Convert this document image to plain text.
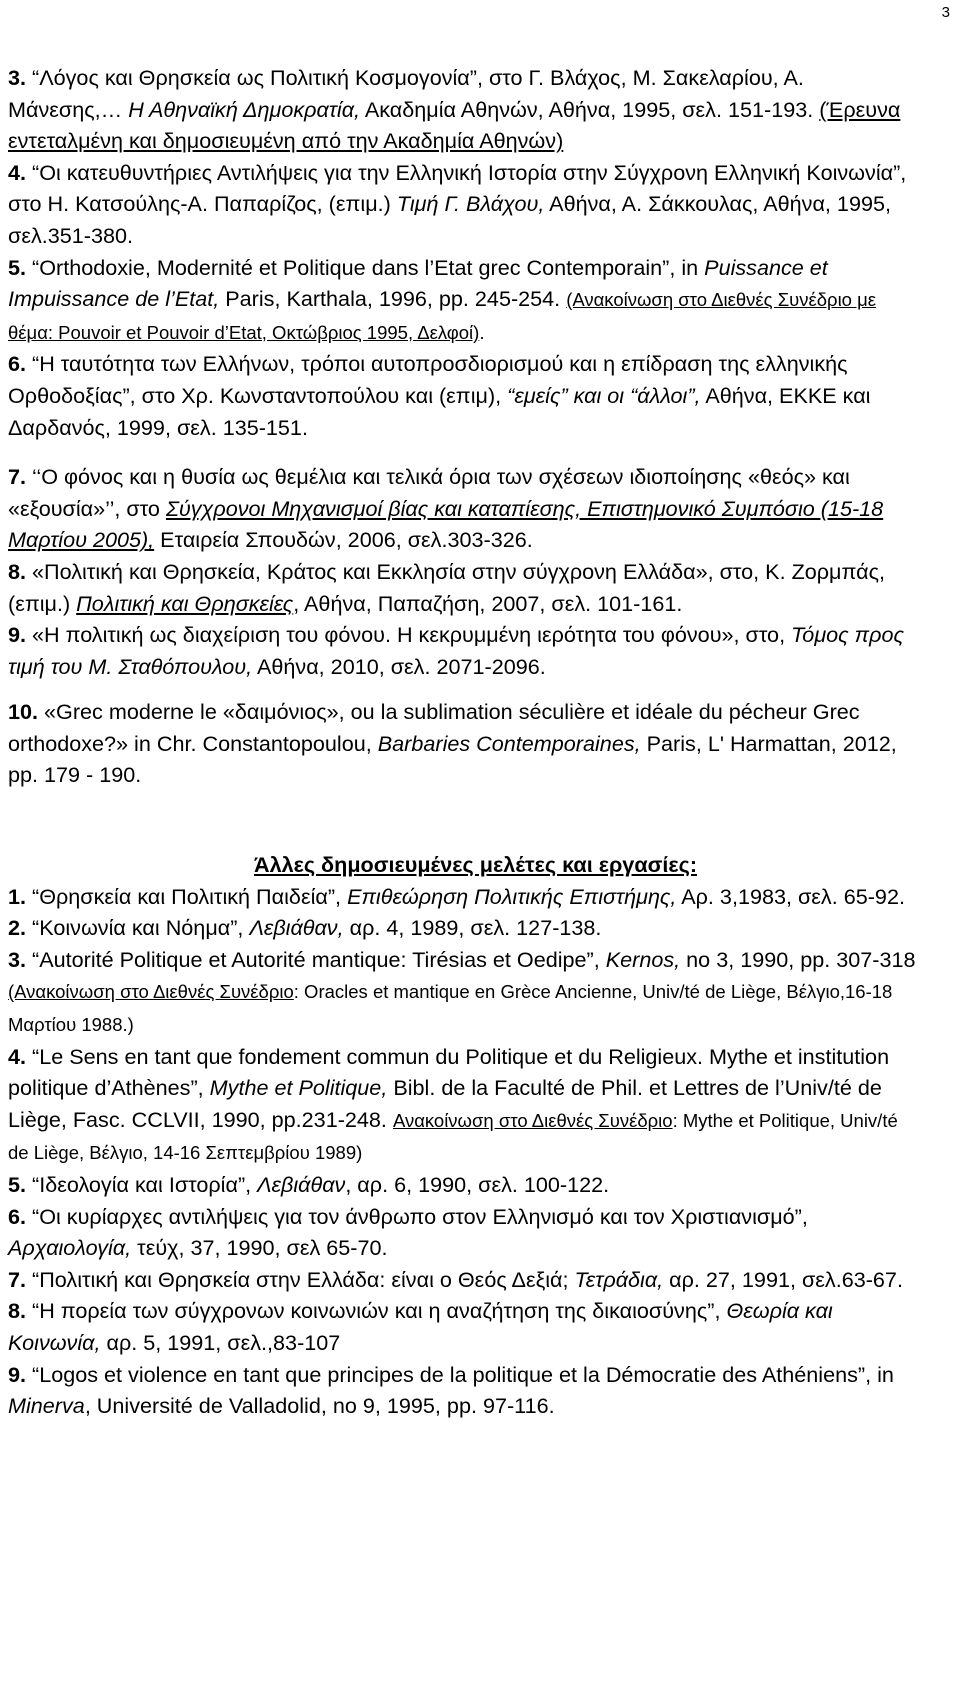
3

3. “Λόγος και Θρησκεία ως Πολιτική Κοσμογονία”, στο Γ. Βλάχος, Μ. Σακελαρίου, Α. Μάνεσης,… Η Αθηναϊκή Δημοκρατία, Ακαδημία Αθηνών, Αθήνα, 1995, σελ. 151-193. (Έρευνα εντεταλμένη και δημοσιευμένη από την Ακαδημία Αθηνών)

4. “Οι κατευθυντήριες Αντιλήψεις για την Ελληνική Ιστορία στην Σύγχρονη Ελληνική Κοινωνία”, στο Η. Κατσούλης-Α. Παπαρίζος, (επιμ.) Τιμή Γ. Βλάχου, Αθήνα, Α. Σάκκουλας, Αθήνα, 1995, σελ.351-380.

5. “Orthodoxie, Modernité et Politique dans l’Etat grec Contemporain”, in Puissance et Impuissance de l’Etat, Paris, Karthala, 1996, pp. 245-254. (Ανακοίνωση στο Διεθνές Συνέδριο με θέμα: Pouvoir et Pouvoir d’Etat, Οκτώβριος 1995, Δελφοί).

6. “Η ταυτότητα των Ελλήνων, τρόποι αυτοπροσδιορισμού και η επίδραση της ελληνικής Ορθοδοξίας”, στο Χρ. Κωνσταντοπούλου και (επιμ), “εμείς” και οι “άλλοι”, Αθήνα, ΕΚΚΕ και Δαρδανός, 1999, σελ. 135-151.

7. ‘‘Ο φόνος και η θυσία ως θεμέλια και τελικά όρια των σχέσεων ιδιοποίησης «θεός» και «εξουσία»’’, στο Σύγχρονοι Μηχανισμοί βίας και καταπίεσης, Επιστημονικό Συμπόσιο (15-18 Μαρτίου 2005), Εταιρεία Σπουδών, 2006, σελ.303-326.

8. «Πολιτική και Θρησκεία, Κράτος και Εκκλησία στην σύγχρονη Ελλάδα», στο, Κ. Ζορμπάς, (επιμ.) Πολιτική και Θρησκείες, Αθήνα, Παπαζήση, 2007, σελ. 101-161.

9. «Η πολιτική ως διαχείριση του φόνου. Η κεκρυμμένη ιερότητα του φόνου», στο, Τόμος προς τιμή του Μ. Σταθόπουλου, Αθήνα, 2010, σελ. 2071-2096.

10. «Grec moderne le «δαιμόνιος», ou la sublimation séculière et idéale du pécheur Grec orthodoxe?» in Chr. Constantopoulou, Barbaries Contemporaines, Paris, L' Harmattan, 2012, pp. 179 - 190.

Άλλες δημοσιευμένες μελέτες και εργασίες:

1. “Θρησκεία και Πολιτική Παιδεία”, Επιθεώρηση Πολιτικής Επιστήμης, Αρ. 3,1983, σελ. 65-92.

2. “Κοινωνία και Νόημα”, Λεβιάθαν, αρ. 4, 1989, σελ. 127-138.

3. “Autorité Politique et Autorité mantique: Tirésias et Oedipe”, Kernos, no 3, 1990, pp. 307-318 (Ανακοίνωση στο Διεθνές Συνέδριο: Oracles et mantique en Grèce Ancienne, Univ/té de Liège, Βέλγιο,16-18 Μαρτίου 1988.)

4. “Le Sens en tant que fondement commun du Politique et du Religieux. Mythe et institution politique d’Athènes”, Mythe et Politique, Bibl. de la Faculté de Phil. et Lettres de l’Univ/té de Liège, Fasc. CCLVII, 1990, pp.231-248. Ανακοίνωση στο Διεθνές Συνέδριο: Mythe et Politique, Univ/té de Liège, Βέλγιο, 14-16 Σεπτεμβρίου 1989)

5. “Ιδεολογία και Ιστορία”, Λεβιάθαν, αρ. 6, 1990, σελ. 100-122.

6. “Οι κυρίαρχες αντιλήψεις για τον άνθρωπο στον Ελληνισμό και τον Χριστιανισμό”, Αρχαιολογία, τεύχ, 37, 1990, σελ 65-70.

7. “Πολιτική και Θρησκεία στην Ελλάδα: είναι ο Θεός Δεξιά; Τετράδια, αρ. 27, 1991, σελ.63-67.

8. “Η πορεία των σύγχρονων κοινωνιών και η αναζήτηση της δικαιοσύνης”, Θεωρία και Κοινωνία, αρ. 5, 1991, σελ.,83-107

9. “Logos et violence en tant que principes de la politique et la Démocratie des Athéniens”, in Minerva, Université de Valladolid, no 9, 1995, pp. 97-116.
